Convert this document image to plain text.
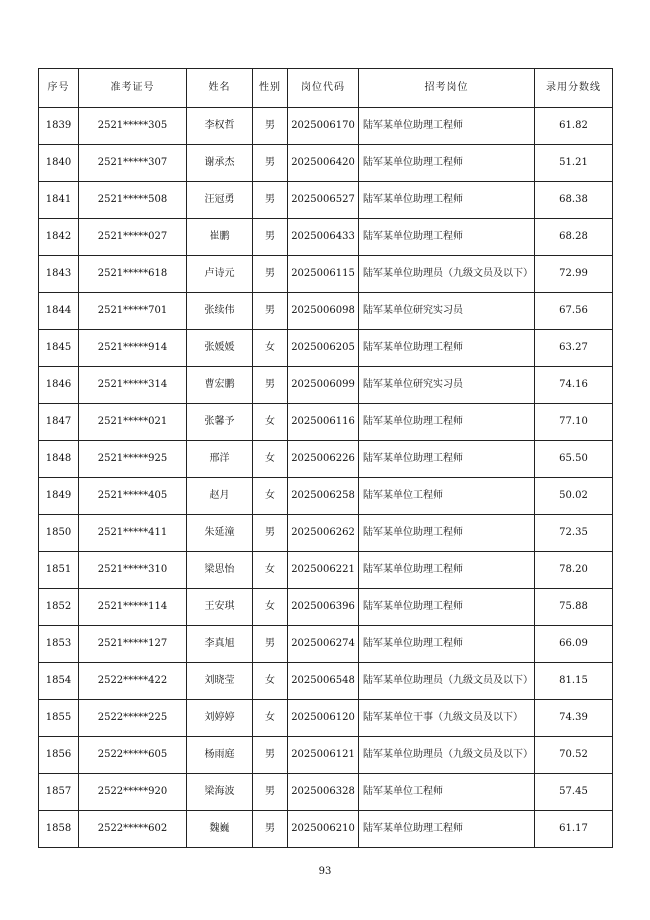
序号	准考证号	姓名	性别	岗位代码	招考岗位	录用分数线
1839	2521*****305	李权哲	男	2025006170	陆军某单位助理工程师	61.82
1840	2521*****307	谢承杰	男	2025006420	陆军某单位助理工程师	51.21
1841	2521*****508	汪冠勇	男	2025006527	陆军某单位助理工程师	68.38
1842	2521*****027	崔鹏	男	2025006433	陆军某单位助理工程师	68.28
1843	2521*****618	卢诗元	男	2025006115	陆军某单位助理员（九级文员及以下）	72.99
1844	2521*****701	张续伟	男	2025006098	陆军某单位研究实习员	67.56
1845	2521*****914	张媛媛	女	2025006205	陆军某单位助理工程师	63.27
1846	2521*****314	曹宏鹏	男	2025006099	陆军某单位研究实习员	74.16
1847	2521*****021	张馨予	女	2025006116	陆军某单位助理工程师	77.10
1848	2521*****925	邢洋	女	2025006226	陆军某单位助理工程师	65.50
1849	2521*****405	赵月	女	2025006258	陆军某单位工程师	50.02
1850	2521*****411	朱延潼	男	2025006262	陆军某单位助理工程师	72.35
1851	2521*****310	梁思怡	女	2025006221	陆军某单位助理工程师	78.20
1852	2521*****114	王安琪	女	2025006396	陆军某单位助理工程师	75.88
1853	2521*****127	李真旭	男	2025006274	陆军某单位助理工程师	66.09
1854	2522*****422	刘晓莹	女	2025006548	陆军某单位助理员（九级文员及以下）	81.15
1855	2522*****225	刘婷婷	女	2025006120	陆军某单位干事（九级文员及以下）	74.39
1856	2522*****605	杨雨庭	男	2025006121	陆军某单位助理员（九级文员及以下）	70.52
1857	2522*****920	梁海波	男	2025006328	陆军某单位工程师	57.45
1858	2522*****602	魏巍	男	2025006210	陆军某单位助理工程师	61.17
93
